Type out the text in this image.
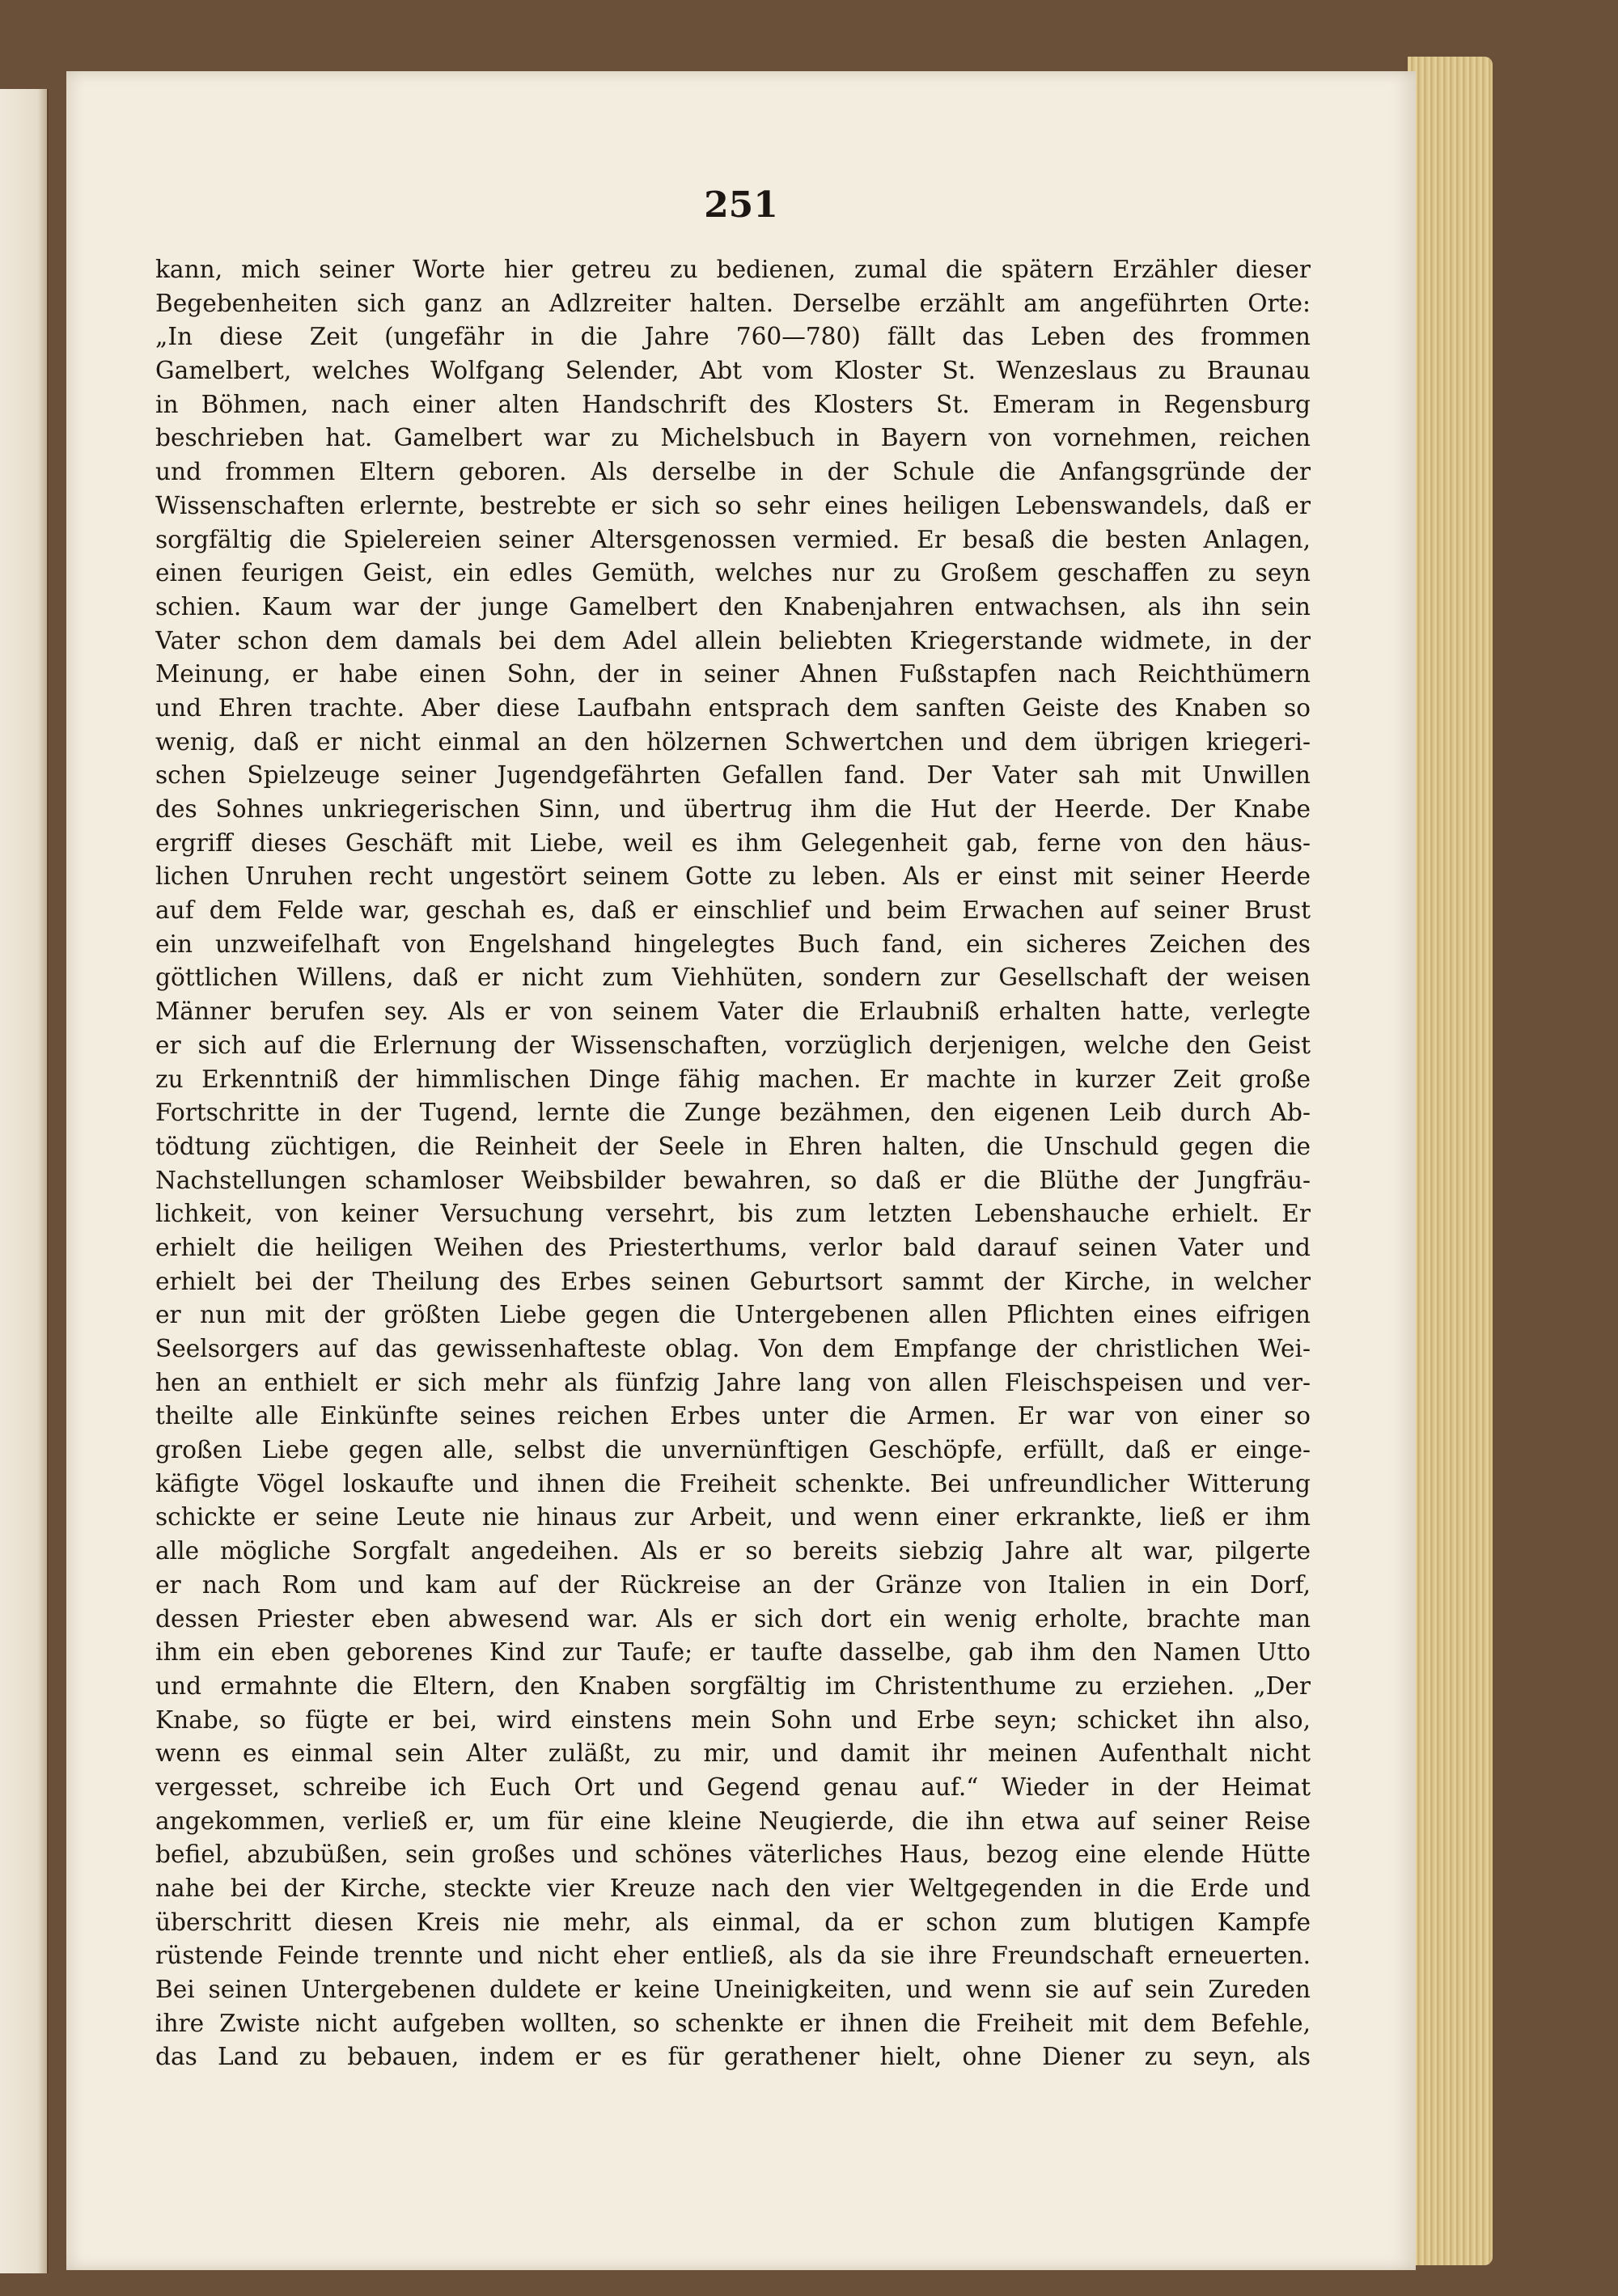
251
kann, mich seiner Worte hier getreu zu bedienen, zumal die spätern Erzähler dieser
Begebenheiten sich ganz an Adlzreiter halten. Derselbe erzählt am angeführten Orte:
„In diese Zeit (ungefähr in die Jahre 760—780) fällt das Leben des frommen
Gamelbert, welches Wolfgang Selender, Abt vom Kloster St. Wenzeslaus zu Braunau
in Böhmen, nach einer alten Handschrift des Klosters St. Emeram in Regensburg
beschrieben hat. Gamelbert war zu Michelsbuch in Bayern von vornehmen, reichen
und frommen Eltern geboren. Als derselbe in der Schule die Anfangsgründe der
Wissenschaften erlernte, bestrebte er sich so sehr eines heiligen Lebenswandels, daß er
sorgfältig die Spielereien seiner Altersgenossen vermied. Er besaß die besten Anlagen,
einen feurigen Geist, ein edles Gemüth, welches nur zu Großem geschaffen zu seyn
schien. Kaum war der junge Gamelbert den Knabenjahren entwachsen, als ihn sein
Vater schon dem damals bei dem Adel allein beliebten Kriegerstande widmete, in der
Meinung, er habe einen Sohn, der in seiner Ahnen Fußstapfen nach Reichthümern
und Ehren trachte. Aber diese Laufbahn entsprach dem sanften Geiste des Knaben so
wenig, daß er nicht einmal an den hölzernen Schwertchen und dem übrigen kriegeri-
schen Spielzeuge seiner Jugendgefährten Gefallen fand. Der Vater sah mit Unwillen
des Sohnes unkriegerischen Sinn, und übertrug ihm die Hut der Heerde. Der Knabe
ergriff dieses Geschäft mit Liebe, weil es ihm Gelegenheit gab, ferne von den häus-
lichen Unruhen recht ungestört seinem Gotte zu leben. Als er einst mit seiner Heerde
auf dem Felde war, geschah es, daß er einschlief und beim Erwachen auf seiner Brust
ein unzweifelhaft von Engelshand hingelegtes Buch fand, ein sicheres Zeichen des
göttlichen Willens, daß er nicht zum Viehhüten, sondern zur Gesellschaft der weisen
Männer berufen sey. Als er von seinem Vater die Erlaubniß erhalten hatte, verlegte
er sich auf die Erlernung der Wissenschaften, vorzüglich derjenigen, welche den Geist
zu Erkenntniß der himmlischen Dinge fähig machen. Er machte in kurzer Zeit große
Fortschritte in der Tugend, lernte die Zunge bezähmen, den eigenen Leib durch Ab-
tödtung züchtigen, die Reinheit der Seele in Ehren halten, die Unschuld gegen die
Nachstellungen schamloser Weibsbilder bewahren, so daß er die Blüthe der Jungfräu-
lichkeit, von keiner Versuchung versehrt, bis zum letzten Lebenshauche erhielt. Er
erhielt die heiligen Weihen des Priesterthums, verlor bald darauf seinen Vater und
erhielt bei der Theilung des Erbes seinen Geburtsort sammt der Kirche, in welcher
er nun mit der größten Liebe gegen die Untergebenen allen Pflichten eines eifrigen
Seelsorgers auf das gewissenhafteste oblag. Von dem Empfange der christlichen Wei-
hen an enthielt er sich mehr als fünfzig Jahre lang von allen Fleischspeisen und ver-
theilte alle Einkünfte seines reichen Erbes unter die Armen. Er war von einer so
großen Liebe gegen alle, selbst die unvernünftigen Geschöpfe, erfüllt, daß er einge-
käfigte Vögel loskaufte und ihnen die Freiheit schenkte. Bei unfreundlicher Witterung
schickte er seine Leute nie hinaus zur Arbeit, und wenn einer erkrankte, ließ er ihm
alle mögliche Sorgfalt angedeihen. Als er so bereits siebzig Jahre alt war, pilgerte
er nach Rom und kam auf der Rückreise an der Gränze von Italien in ein Dorf,
dessen Priester eben abwesend war. Als er sich dort ein wenig erholte, brachte man
ihm ein eben geborenes Kind zur Taufe; er taufte dasselbe, gab ihm den Namen Utto
und ermahnte die Eltern, den Knaben sorgfältig im Christenthume zu erziehen. „Der
Knabe, so fügte er bei, wird einstens mein Sohn und Erbe seyn; schicket ihn also,
wenn es einmal sein Alter zuläßt, zu mir, und damit ihr meinen Aufenthalt nicht
vergesset, schreibe ich Euch Ort und Gegend genau auf.“ Wieder in der Heimat
angekommen, verließ er, um für eine kleine Neugierde, die ihn etwa auf seiner Reise
befiel, abzubüßen, sein großes und schönes väterliches Haus, bezog eine elende Hütte
nahe bei der Kirche, steckte vier Kreuze nach den vier Weltgegenden in die Erde und
überschritt diesen Kreis nie mehr, als einmal, da er schon zum blutigen Kampfe
rüstende Feinde trennte und nicht eher entließ, als da sie ihre Freundschaft erneuerten.
Bei seinen Untergebenen duldete er keine Uneinigkeiten, und wenn sie auf sein Zureden
ihre Zwiste nicht aufgeben wollten, so schenkte er ihnen die Freiheit mit dem Befehle,
das Land zu bebauen, indem er es für gerathener hielt, ohne Diener zu seyn, als
